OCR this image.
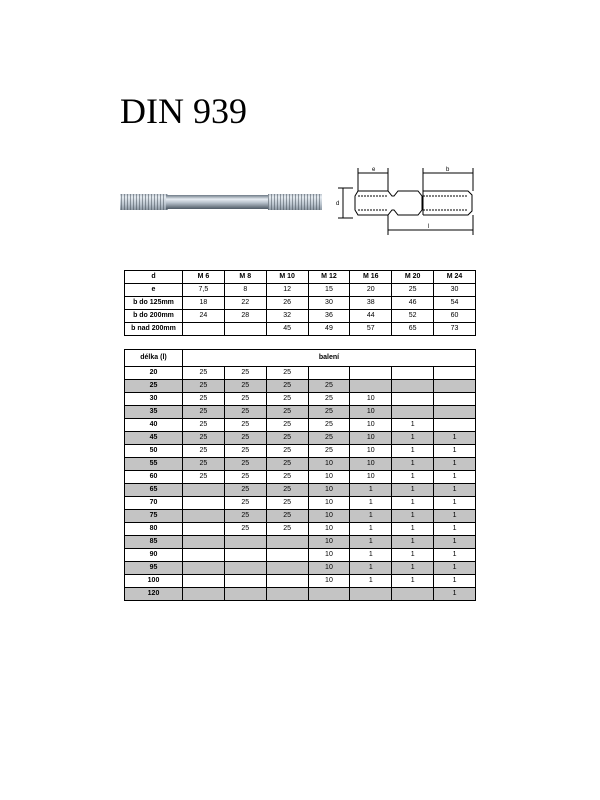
DIN 939
e	b
d
l
d	M 6	M 8	M 10	M 12	M 16	M 20	M 24
e	7,5	8	12	15	20	25	30
b do 125mm	18	22	26	30	38	46	54
b do 200mm	24	28	32	36	44	52	60
b nad 200mm			45	49	57	65	73
délka (l)	balení						
20	25	25	25				
25	25	25	25	25			
30	25	25	25	25	10		
35	25	25	25	25	10		
40	25	25	25	25	10	1	
45	25	25	25	25	10	1	1
50	25	25	25	25	10	1	1
55	25	25	25	10	10	1	1
60	25	25	25	10	10	1	1
65		25	25	10	1	1	1
70		25	25	10	1	1	1
75		25	25	10	1	1	1
80		25	25	10	1	1	1
85				10	1	1	1
90				10	1	1	1
95				10	1	1	1
100				10	1	1	1
120							1
